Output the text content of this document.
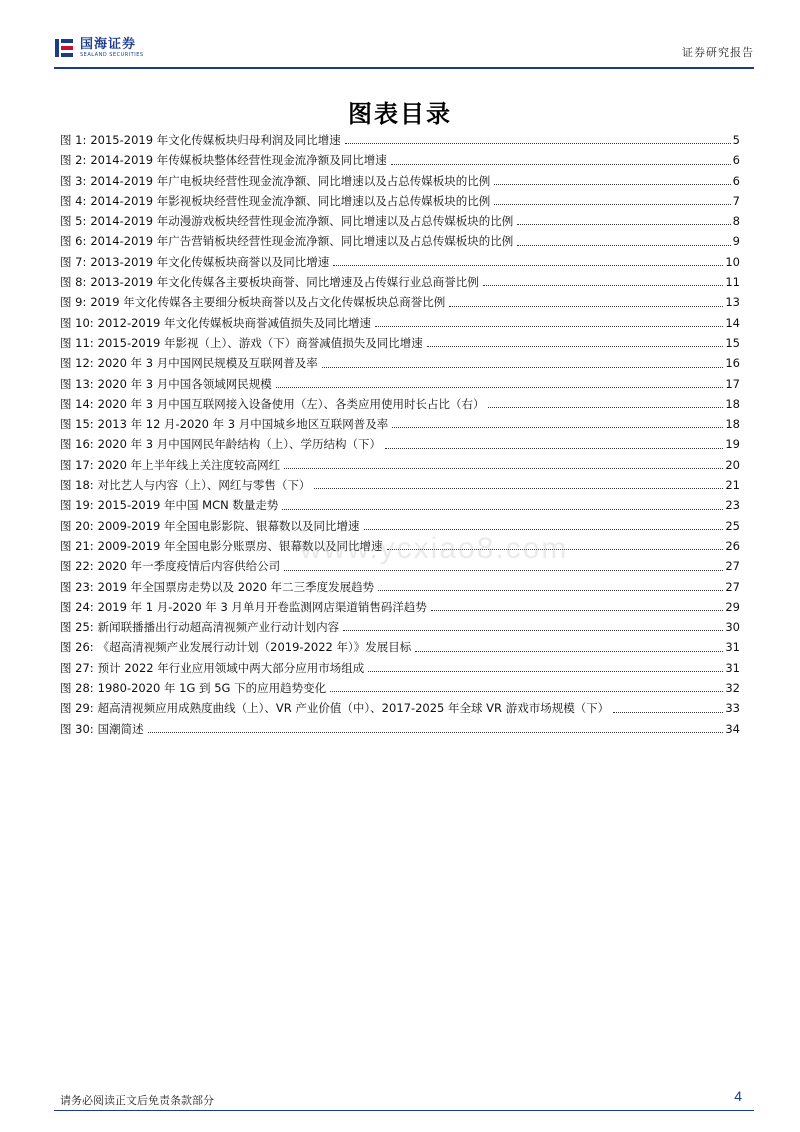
国海证券
SEALAND SECURITIES	证券研究报告
图表目录
图 1: 2015-2019 年文化传媒板块归母利润及同比增速	5
图 2: 2014-2019 年传媒板块整体经营性现金流净额及同比增速	6
图 3: 2014-2019 年广电板块经营性现金流净额、同比增速以及占总传媒板块的比例	6
图 4: 2014-2019 年影视板块经营性现金流净额、同比增速以及占总传媒板块的比例	7
图 5: 2014-2019 年动漫游戏板块经营性现金流净额、同比增速以及占总传媒板块的比例	8
图 6: 2014-2019 年广告营销板块经营性现金流净额、同比增速以及占总传媒板块的比例	9
图 7: 2013-2019 年文化传媒板块商誉以及同比增速	10
图 8: 2013-2019 年文化传媒各主要板块商誉、同比增速及占传媒行业总商誉比例	11
图 9: 2019 年文化传媒各主要细分板块商誉以及占文化传媒板块总商誉比例	13
图 10: 2012-2019 年文化传媒板块商誉减值损失及同比增速	14
图 11: 2015-2019 年影视（上）、游戏（下）商誉减值损失及同比增速	15
图 12: 2020 年 3 月中国网民规模及互联网普及率	16
图 13: 2020 年 3 月中国各领域网民规模	17
图 14: 2020 年 3 月中国互联网接入设备使用（左）、各类应用使用时长占比（右）	18
图 15: 2013 年 12 月-2020 年 3 月中国城乡地区互联网普及率	18
图 16: 2020 年 3 月中国网民年龄结构（上）、学历结构（下）	19
图 17: 2020 年上半年线上关注度较高网红	20
图 18: 对比艺人与内容（上）、网红与零售（下）	21
图 19: 2015-2019 年中国 MCN 数量走势	23
图 20: 2009-2019 年全国电影影院、银幕数以及同比增速	25
图 21: 2009-2019 年全国电影分账票房、银幕数以及同比增速	26
图 22: 2020 年一季度疫情后内容供给公司	27
图 23: 2019 年全国票房走势以及 2020 年二三季度发展趋势	27
图 24: 2019 年 1 月-2020 年 3 月单月开卷监测网店渠道销售码洋趋势	29
图 25: 新闻联播播出行动超高清视频产业行动计划内容	30
图 26: 《超高清视频产业发展行动计划（2019-2022 年）》发展目标	31
图 27: 预计 2022 年行业应用领域中两大部分应用市场组成	31
图 28: 1980-2020 年 1G 到 5G 下的应用趋势变化	32
图 29: 超高清视频应用成熟度曲线（上）、VR 产业价值（中）、2017-2025 年全球 VR 游戏市场规模（下）	33
图 30: 国潮简述	34
www.ycxiao8.com
请务必阅读正文后免责条款部分	4
